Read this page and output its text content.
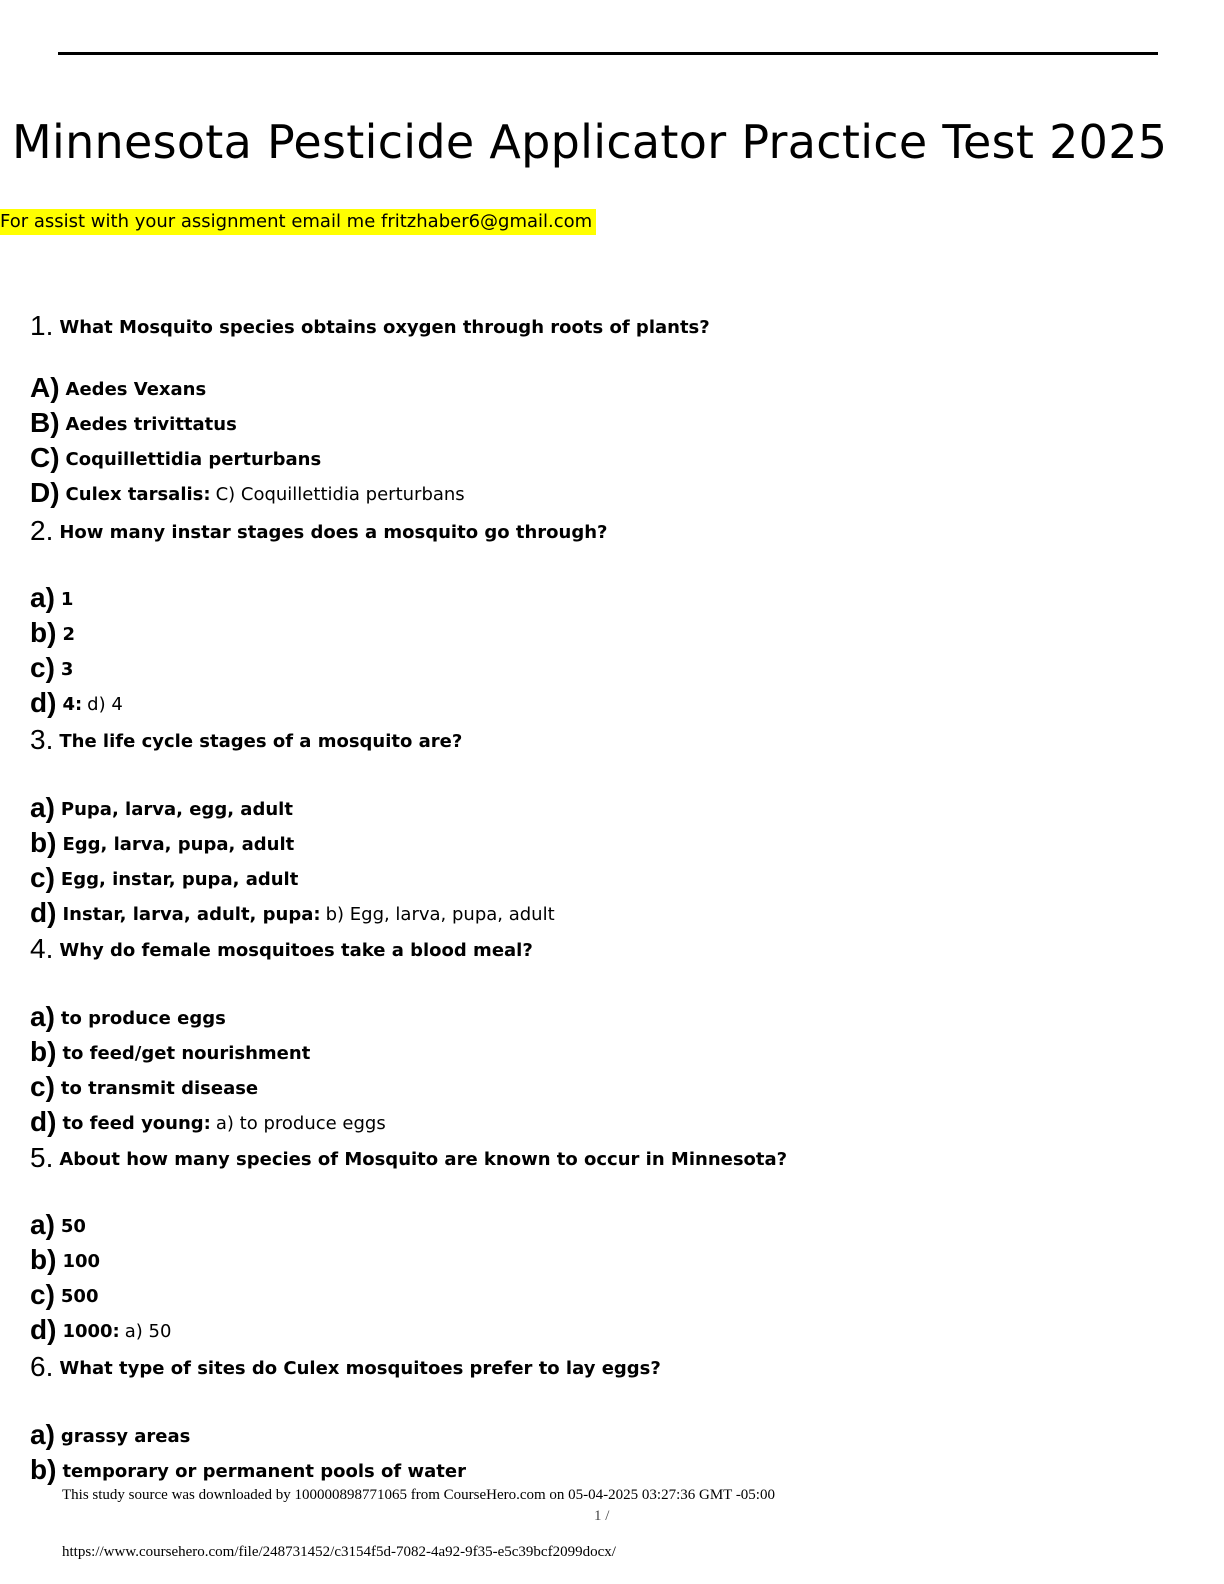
Minnesota Pesticide Applicator Practice Test 2025
For assist with your assignment email me fritzhaber6@gmail.com
1. What Mosquito species obtains oxygen through roots of plants?
A) Aedes Vexans
B) Aedes trivittatus
C) Coquillettidia perturbans
D) Culex tarsalis: C) Coquillettidia perturbans
2. How many instar stages does a mosquito go through?
a) 1
b) 2
c) 3
d) 4: d) 4
3. The life cycle stages of a mosquito are?
a) Pupa, larva, egg, adult
b) Egg, larva, pupa, adult
c) Egg, instar, pupa, adult
d) Instar, larva, adult, pupa: b) Egg, larva, pupa, adult
4. Why do female mosquitoes take a blood meal?
a) to produce eggs
b) to feed/get nourishment
c) to transmit disease
d) to feed young: a) to produce eggs
5. About how many species of Mosquito are known to occur in Minnesota?
a) 50
b) 100
c) 500
d) 1000: a) 50
6. What type of sites do Culex mosquitoes prefer to lay eggs?
a) grassy areas
b) temporary or permanent pools of water
This study source was downloaded by 100000898771065 from CourseHero.com on 05-04-2025 03:27:36 GMT -05:00
1 /
https://www.coursehero.com/file/248731452/c3154f5d-7082-4a92-9f35-e5c39bcf2099docx/
